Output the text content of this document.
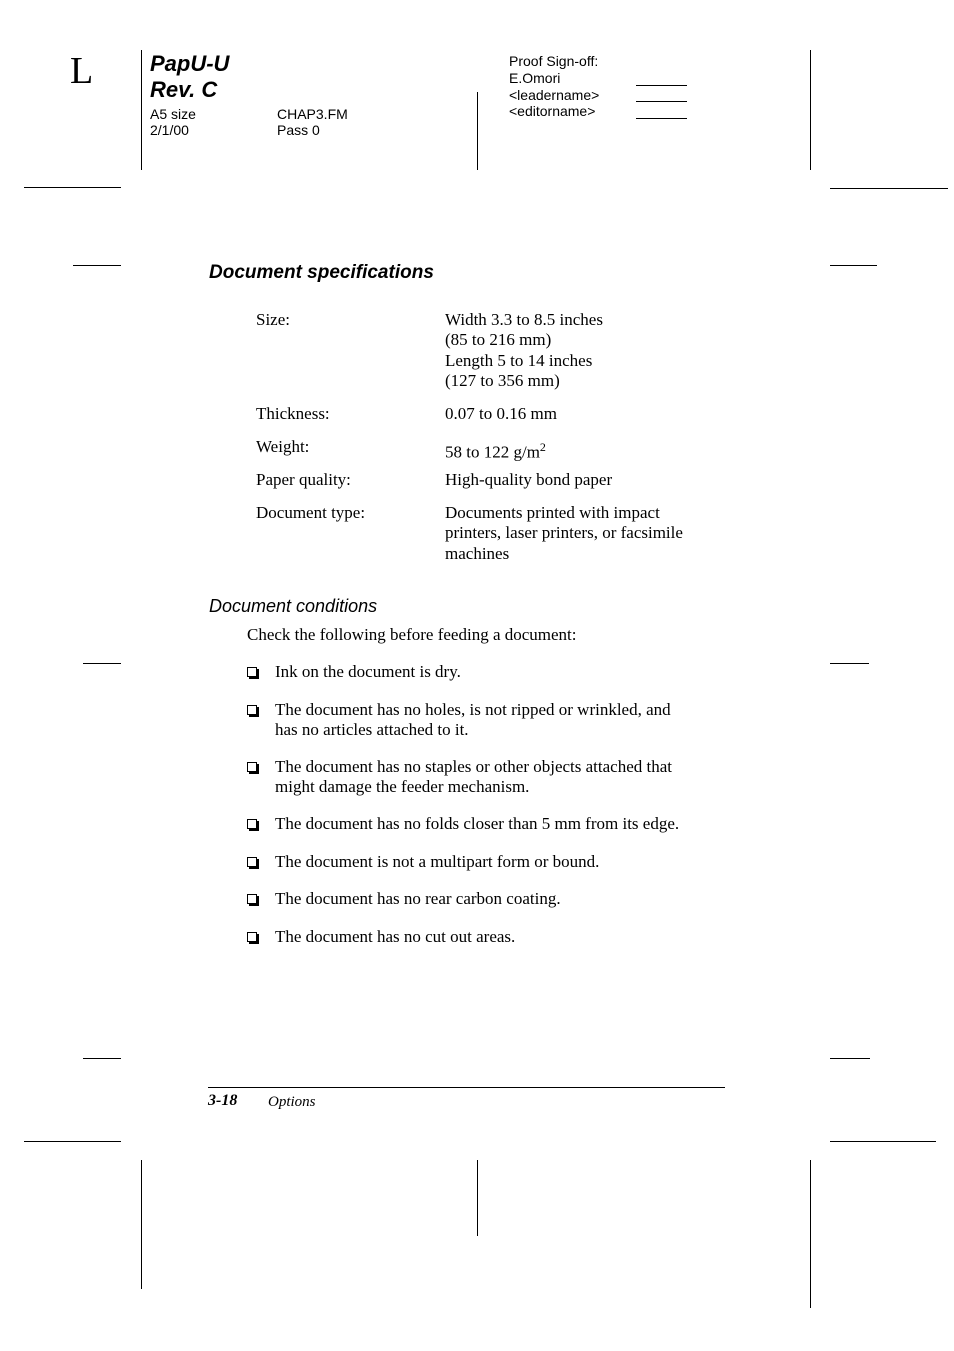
L	PapU-U
Rev. C
A5 size
2/1/00
CHAP3.FM
Pass 0
Proof Sign-off:
E.Omori
<leadername>
<editorname>
Document specifications
Size:	Width 3.3 to 8.5 inches
(85 to 216 mm)
Length 5 to 14 inches
(127 to 356 mm)
Thickness:	0.07 to 0.16 mm
Weight:	58 to 122 $g/m^2$
Paper quality:	High-quality bond paper
Document type:	Documents printed with impact
printers, laser printers, or facsimile
machines
Document conditions
Check the following before feeding a document:
Ink on the document is dry.
The document has no holes, is not ripped or wrinkled, and
has no articles attached to it.
The document has no staples or other objects attached that
might damage the feeder mechanism.
The document has no folds closer than 5 mm from its edge.
The document is not a multipart form or bound.
The document has no rear carbon coating.
The document has no cut out areas.
3-18 Options
